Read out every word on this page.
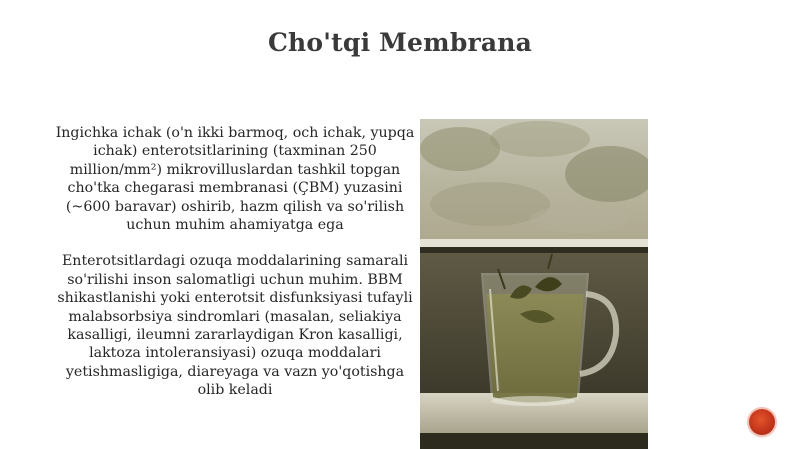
Cho'tqi Membrana

Ingichka ichak (o'n ikki barmoq, och ichak, yupqa ichak) enterotsitlarining (taxminan 250 million/mm²) mikrovilluslardan tashkil topgan cho'tka chegarasi membranasi (ÇBM) yuzasini (~600 baravar) oshirib, hazm qilish va so'rilish uchun muhim ahamiyatga ega

Enterotsitlardagi ozuqa moddalarining samarali so'rilishi inson salomatligi uchun muhim. BBM shikastlanishi yoki enterotsit disfunksiyasi tufayli malabsorbsiya sindromlari (masalan, seliakiya kasalligi, ileumni zararlaydigan Kron kasalligi, laktoza intoleransiyasi) ozuqa moddalari yetishmasligiga, diareyaga va vazn yo'qotishga olib keladi
